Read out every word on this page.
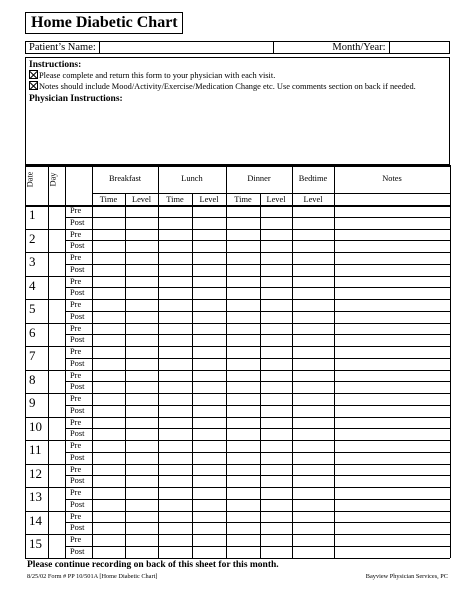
Home Diabetic Chart
Patient’s Name:	Month/Year:
Instructions:
Please complete and return this form to your physician with each visit.
Notes should include Mood/Activity/Exercise/Medication Change etc. Use comments section on back if needed.
Physician Instructions:
Date Day	Breakfast	Lunch	Dinner	Bedtime	Notes
Time Level Time Level Time Level Level
1	Pre
Post
2	Pre
Post
3	Pre
Post
4	Pre
Post
5	Pre
Post
6	Pre
Post
7	Pre
Post
8	Pre
Post
9	Pre
Post
10	Pre
Post
11	Pre
Post
12	Pre
Post
13	Pre
Post
14	Pre
Post
15	Pre
Post
Please continue recording on back of this sheet for this month.
8/25/02 Form # PP 10/501A [Home Diabetic Chart]	Bayview Physician Services, PC
